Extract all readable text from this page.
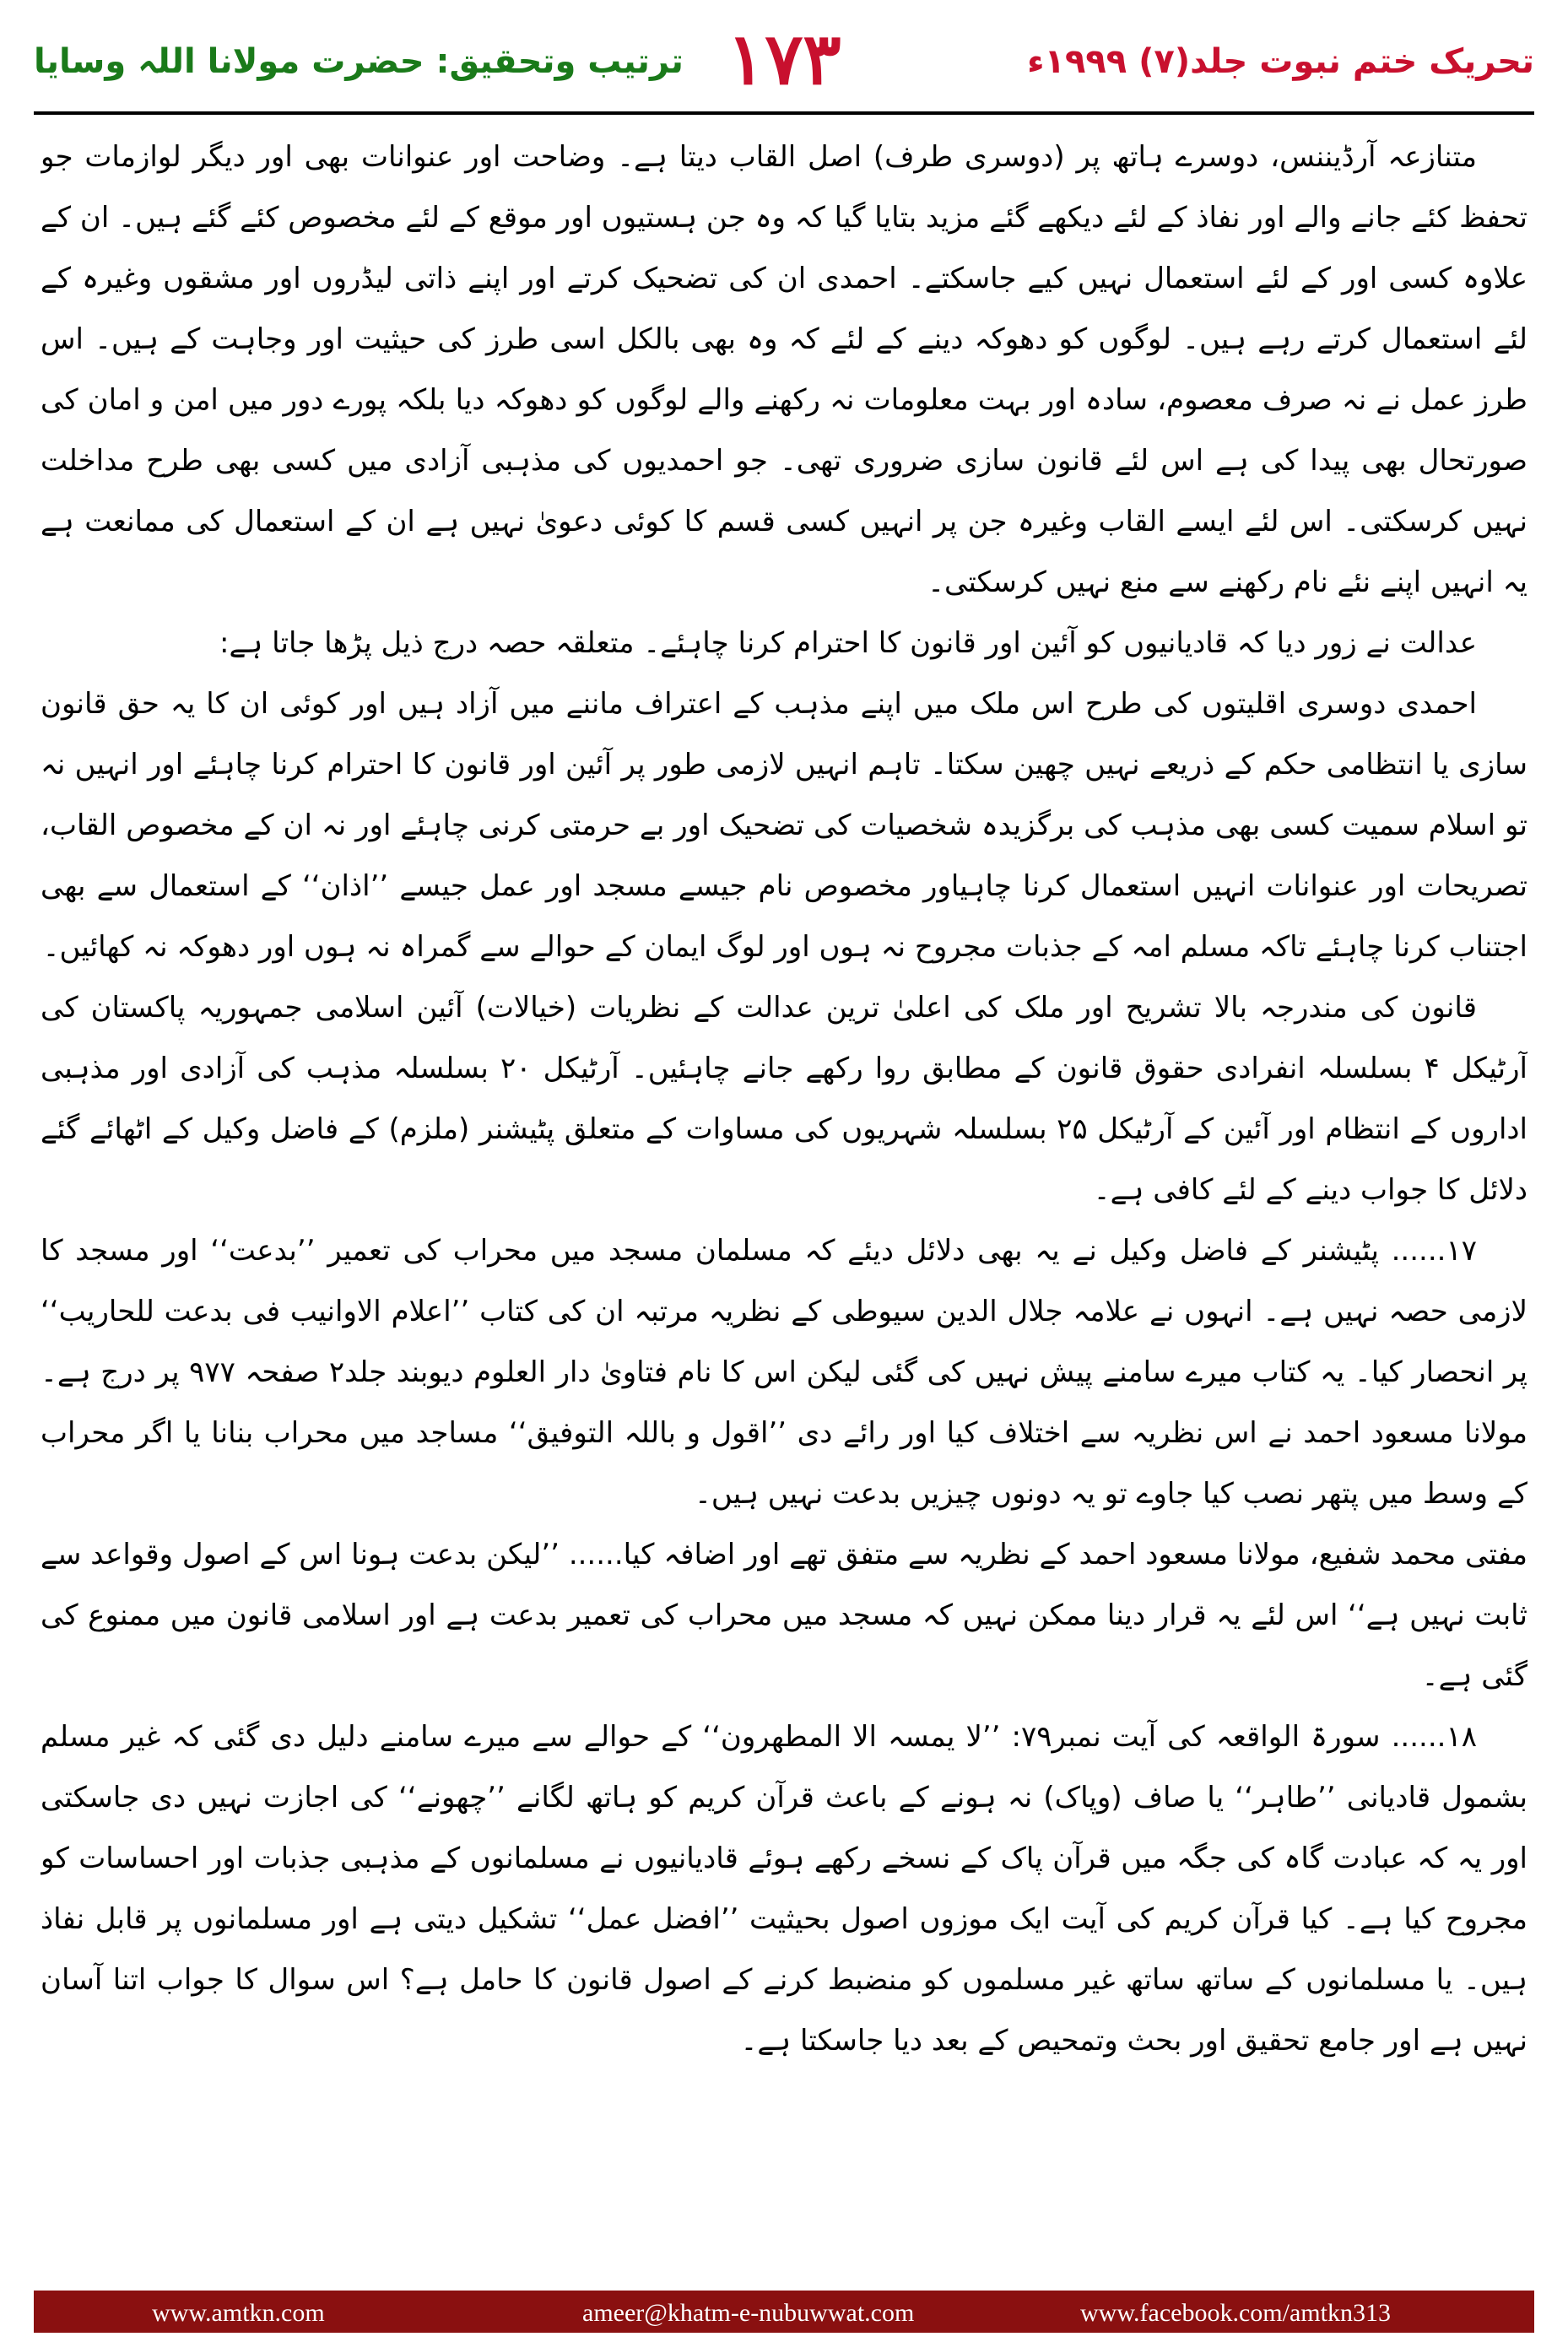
ترتیب وتحقیق: حضرت مولانا اللہ وسایا ۱۷۳	تحریک ختم نبوت جلد(۷) ۱۹۹۹ء

متنازعہ آرڈیننس، دوسرے ہاتھ پر (دوسری طرف) اصل القاب دیتا ہے۔ وضاحت اور عنوانات بھی اور دیگر لوازمات جو تحفظ کئے جانے والے اور نفاذ کے لئے دیکھے گئے مزید بتایا گیا کہ وہ جن ہستیوں اور موقع کے لئے مخصوص کئے گئے ہیں۔ ان کے علاوہ کسی اور کے لئے استعمال نہیں کیے جاسکتے۔ احمدی ان کی تضحیک کرتے اور اپنے ذاتی لیڈروں اور مشقوں وغیرہ کے لئے استعمال کرتے رہے ہیں۔ لوگوں کو دھوکہ دینے کے لئے کہ وہ بھی بالکل اسی طرز کی حیثیت اور وجاہت کے ہیں۔ اس طرز عمل نے نہ صرف معصوم، سادہ اور بہت معلومات نہ رکھنے والے لوگوں کو دھوکہ دیا بلکہ پورے دور میں امن و امان کی صورتحال بھی پیدا کی ہے اس لئے قانون سازی ضروری تھی۔ جو احمدیوں کی مذہبی آزادی میں کسی بھی طرح مداخلت نہیں کرسکتی۔ اس لئے ایسے القاب وغیرہ جن پر انہیں کسی قسم کا کوئی دعویٰ نہیں ہے ان کے استعمال کی ممانعت ہے یہ انہیں اپنے نئے نام رکھنے سے منع نہیں کرسکتی۔

عدالت نے زور دیا کہ قادیانیوں کو آئین اور قانون کا احترام کرنا چاہئے۔ متعلقہ حصہ درج ذیل پڑھا جاتا ہے:

احمدی دوسری اقلیتوں کی طرح اس ملک میں اپنے مذہب کے اعتراف ماننے میں آزاد ہیں اور کوئی ان کا یہ حق قانون سازی یا انتظامی حکم کے ذریعے نہیں چھین سکتا۔ تاہم انہیں لازمی طور پر آئین اور قانون کا احترام کرنا چاہئے اور انہیں نہ تو اسلام سمیت کسی بھی مذہب کی برگزیدہ شخصیات کی تضحیک اور بے حرمتی کرنی چاہئے اور نہ ان کے مخصوص القاب، تصریحات اور عنوانات انہیں استعمال کرنا چاہیاور مخصوص نام جیسے مسجد اور عمل جیسے ’’اذان‘‘ کے استعمال سے بھی اجتناب کرنا چاہئے تاکہ مسلم امہ کے جذبات مجروح نہ ہوں اور لوگ ایمان کے حوالے سے گمراہ نہ ہوں اور دھوکہ نہ کھائیں۔

قانون کی مندرجہ بالا تشریح اور ملک کی اعلیٰ ترین عدالت کے نظریات (خیالات) آئین اسلامی جمہوریہ پاکستان کی آرٹیکل ۴ بسلسلہ انفرادی حقوق قانون کے مطابق روا رکھے جانے چاہئیں۔ آرٹیکل ۲۰ بسلسلہ مذہب کی آزادی اور مذہبی اداروں کے انتظام اور آئین کے آرٹیکل ۲۵ بسلسلہ شہریوں کی مساوات کے متعلق پٹیشنر (ملزم) کے فاضل وکیل کے اٹھائے گئے دلائل کا جواب دینے کے لئے کافی ہے۔

۱۷...... پٹیشنر کے فاضل وکیل نے یہ بھی دلائل دیئے کہ مسلمان مسجد میں محراب کی تعمیر ’’بدعت‘‘ اور مسجد کا لازمی حصہ نہیں ہے۔ انہوں نے علامہ جلال الدین سیوطی کے نظریہ مرتبہ ان کی کتاب ’’اعلام الاوانیب فی بدعت للحاریب‘‘ پر انحصار کیا۔ یہ کتاب میرے سامنے پیش نہیں کی گئی لیکن اس کا نام فتاویٰ دار العلوم دیوبند جلد۲ صفحہ ۹۷۷ پر درج ہے۔ مولانا مسعود احمد نے اس نظریہ سے اختلاف کیا اور رائے دی ’’اقول و باللہ التوفیق‘‘ مساجد میں محراب بنانا یا اگر محراب کے وسط میں پتھر نصب کیا جاوے تو یہ دونوں چیزیں بدعت نہیں ہیں۔

مفتی محمد شفیع، مولانا مسعود احمد کے نظریہ سے متفق تھے اور اضافہ کیا...... ’’لیکن بدعت ہونا اس کے اصول وقواعد سے ثابت نہیں ہے‘‘ اس لئے یہ قرار دینا ممکن نہیں کہ مسجد میں محراب کی تعمیر بدعت ہے اور اسلامی قانون میں ممنوع کی گئی ہے۔

۱۸...... سورۃ الواقعہ کی آیت نمبر۷۹: ’’لا یمسہ الا المطھرون‘‘ کے حوالے سے میرے سامنے دلیل دی گئی کہ غیر مسلم بشمول قادیانی ’’طاہر‘‘ یا صاف (وپاک) نہ ہونے کے باعث قرآن کریم کو ہاتھ لگانے ’’چھونے‘‘ کی اجازت نہیں دی جاسکتی اور یہ کہ عبادت گاہ کی جگہ میں قرآن پاک کے نسخے رکھے ہوئے قادیانیوں نے مسلمانوں کے مذہبی جذبات اور احساسات کو مجروح کیا ہے۔ کیا قرآن کریم کی آیت ایک موزوں اصول بحیثیت ’’افضل عمل‘‘ تشکیل دیتی ہے اور مسلمانوں پر قابل نفاذ ہیں۔ یا مسلمانوں کے ساتھ ساتھ غیر مسلموں کو منضبط کرنے کے اصول قانون کا حامل ہے؟ اس سوال کا جواب اتنا آسان نہیں ہے اور جامع تحقیق اور بحث وتمحیص کے بعد دیا جاسکتا ہے۔

www.amtkn.com	ameer@khatm-e-nubuwwat.com	www.facebook.com/amtkn313
